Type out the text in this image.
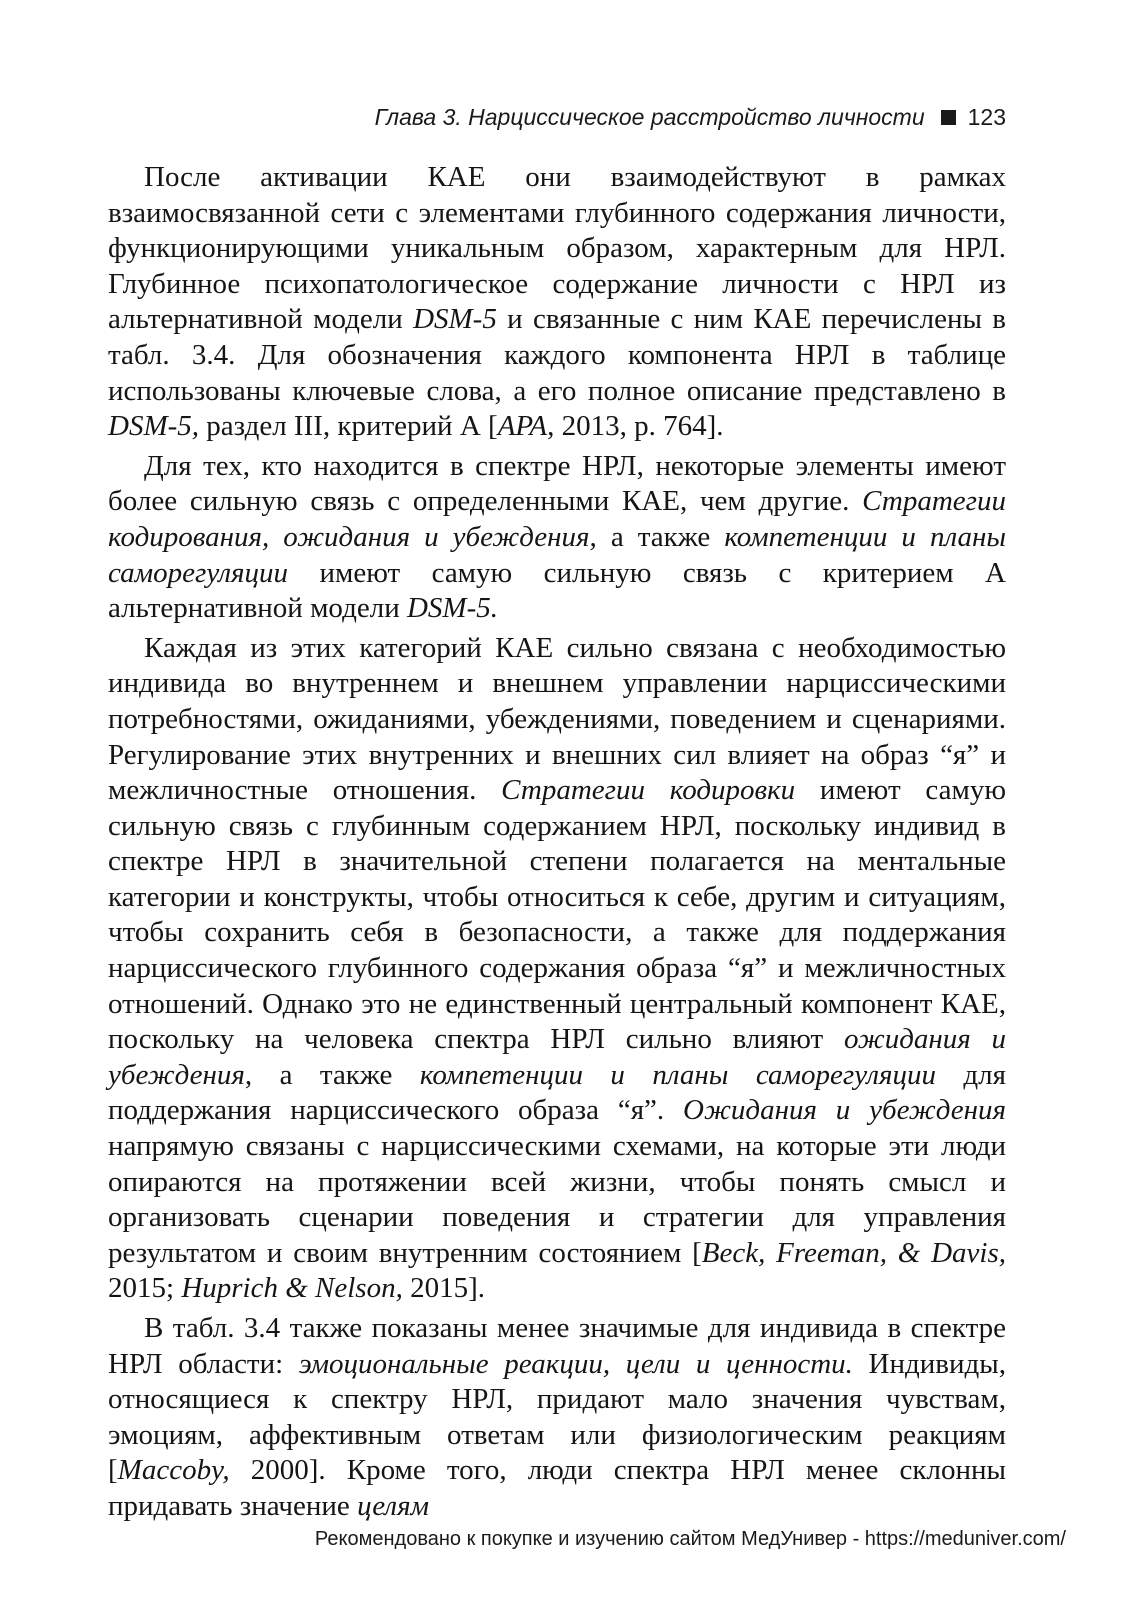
Глава 3. Нарциссическое расстройство личности 123

После активации КАЕ они взаимодействуют в рамках взаимосвязанной сети с элементами глубинного содержания личности, функционирующими уникальным образом, характерным для НРЛ. Глубинное психопатологическое содержание личности с НРЛ из альтернативной модели DSM-5 и связанные с ним КАЕ перечислены в табл. 3.4. Для обозначения каждого компонента НРЛ в таблице использованы ключевые слова, а его полное описание представлено в DSM-5, раздел III, критерий А [APA, 2013, p. 764].

Для тех, кто находится в спектре НРЛ, некоторые элементы имеют более сильную связь с определенными КАЕ, чем другие. Стратегии кодирования, ожидания и убеждения, а также компетенции и планы саморегуляции имеют самую сильную связь с критерием А альтернативной модели DSM-5.

Каждая из этих категорий КАЕ сильно связана с необходимостью индивида во внутреннем и внешнем управлении нарциссическими потребностями, ожиданиями, убеждениями, поведением и сценариями. Регулирование этих внутренних и внешних сил влияет на образ “я” и межличностные отношения. Стратегии кодировки имеют самую сильную связь с глубинным содержанием НРЛ, поскольку индивид в спектре НРЛ в значительной степени полагается на ментальные категории и конструкты, чтобы относиться к себе, другим и ситуациям, чтобы сохранить себя в безопасности, а также для поддержания нарциссического глубинного содержания образа “я” и межличностных отношений. Однако это не единственный центральный компонент КАЕ, поскольку на человека спектра НРЛ сильно влияют ожидания и убеждения, а также компетенции и планы саморегуляции для поддержания нарциссического образа “я”. Ожидания и убеждения напрямую связаны с нарциссическими схемами, на которые эти люди опираются на протяжении всей жизни, чтобы понять смысл и организовать сценарии поведения и стратегии для управления результатом и своим внутренним состоянием [Beck, Freeman, & Davis, 2015; Huprich & Nelson, 2015].

В табл. 3.4 также показаны менее значимые для индивида в спектре НРЛ области: эмоциональные реакции, цели и ценности. Индивиды, относящиеся к спектру НРЛ, придают мало значения чувствам, эмоциям, аффективным ответам или физиологическим реакциям [Maccoby, 2000]. Кроме того, люди спектра НРЛ менее склонны придавать значение целям

Рекомендовано к покупке и изучению сайтом МедУнивер - https://meduniver.com/
